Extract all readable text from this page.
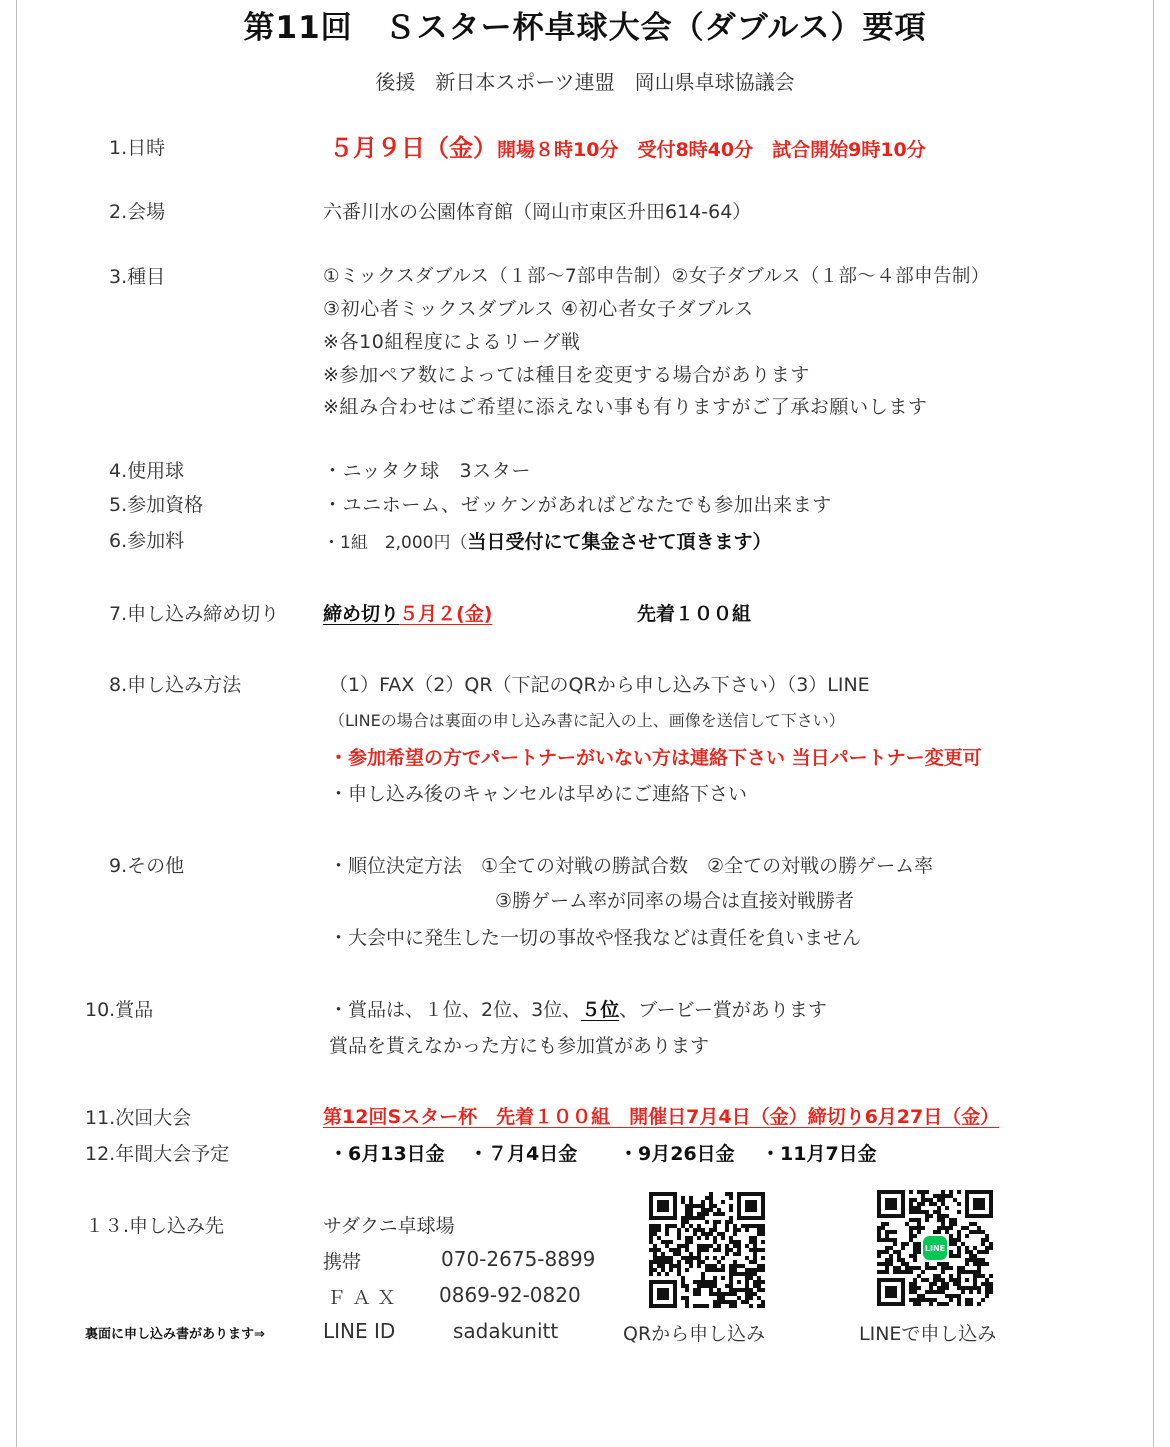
第11回　Ｓスター杯卓球大会（ダブルス）要項
後援　新日本スポーツ連盟　岡山県卓球協議会
1.日時	５月９日（金）開場８時10分　受付8時40分　試合開始9時10分
2.会場	六番川水の公園体育館（岡山市東区升田614-64）
3.種目	①ミックスダブルス（１部〜7部申告制）②女子ダブルス（１部〜４部申告制）
③初心者ミックスダブルス ④初心者女子ダブルス
※各10組程度によるリーグ戦
※参加ペア数によっては種目を変更する場合があります
※組み合わせはご希望に添えない事も有りますがご了承お願いします
4.使用球	・ニッタク球　3スター
5.参加資格	・ユニホーム、ゼッケンがあればどなたでも参加出来ます
6.参加料	・1組　2,000円（当日受付にて集金させて頂きます）
7.申し込み締め切り 締め切り５月２(金)	先着１００組
8.申し込み方法	（1）FAX（2）QR（下記のQRから申し込み下さい）（3）LINE
（LINEの場合は裏面の申し込み書に記入の上、画像を送信して下さい）
・参加希望の方でパートナーがいない方は連絡下さい 当日パートナー変更可
・申し込み後のキャンセルは早めにご連絡下さい
9.その他	・順位決定方法　①全ての対戦の勝試合数　②全ての対戦の勝ゲーム率
③勝ゲーム率が同率の場合は直接対戦勝者
・大会中に発生した一切の事故や怪我などは責任を負いません
10.賞品	・賞品は、１位、2位、3位、５位、ブービー賞があります
賞品を貰えなかった方にも参加賞があります
11.次回大会	第12回Sスター杯　先着１００組　開催日7月4日（金）締切り6月27日（金）
12.年間大会予定	・6月13日金 ・７月4日金 ・9月26日金 ・11月7日金
１３.申し込み先	サダクニ卓球場
携帯	070-2675-8899
ＦＡＸ 0869-92-0820
裏面に申し込み書があります⇒	LINE ID	sadakunitt	QRから申し込み
LINE
LINEで申し込み
